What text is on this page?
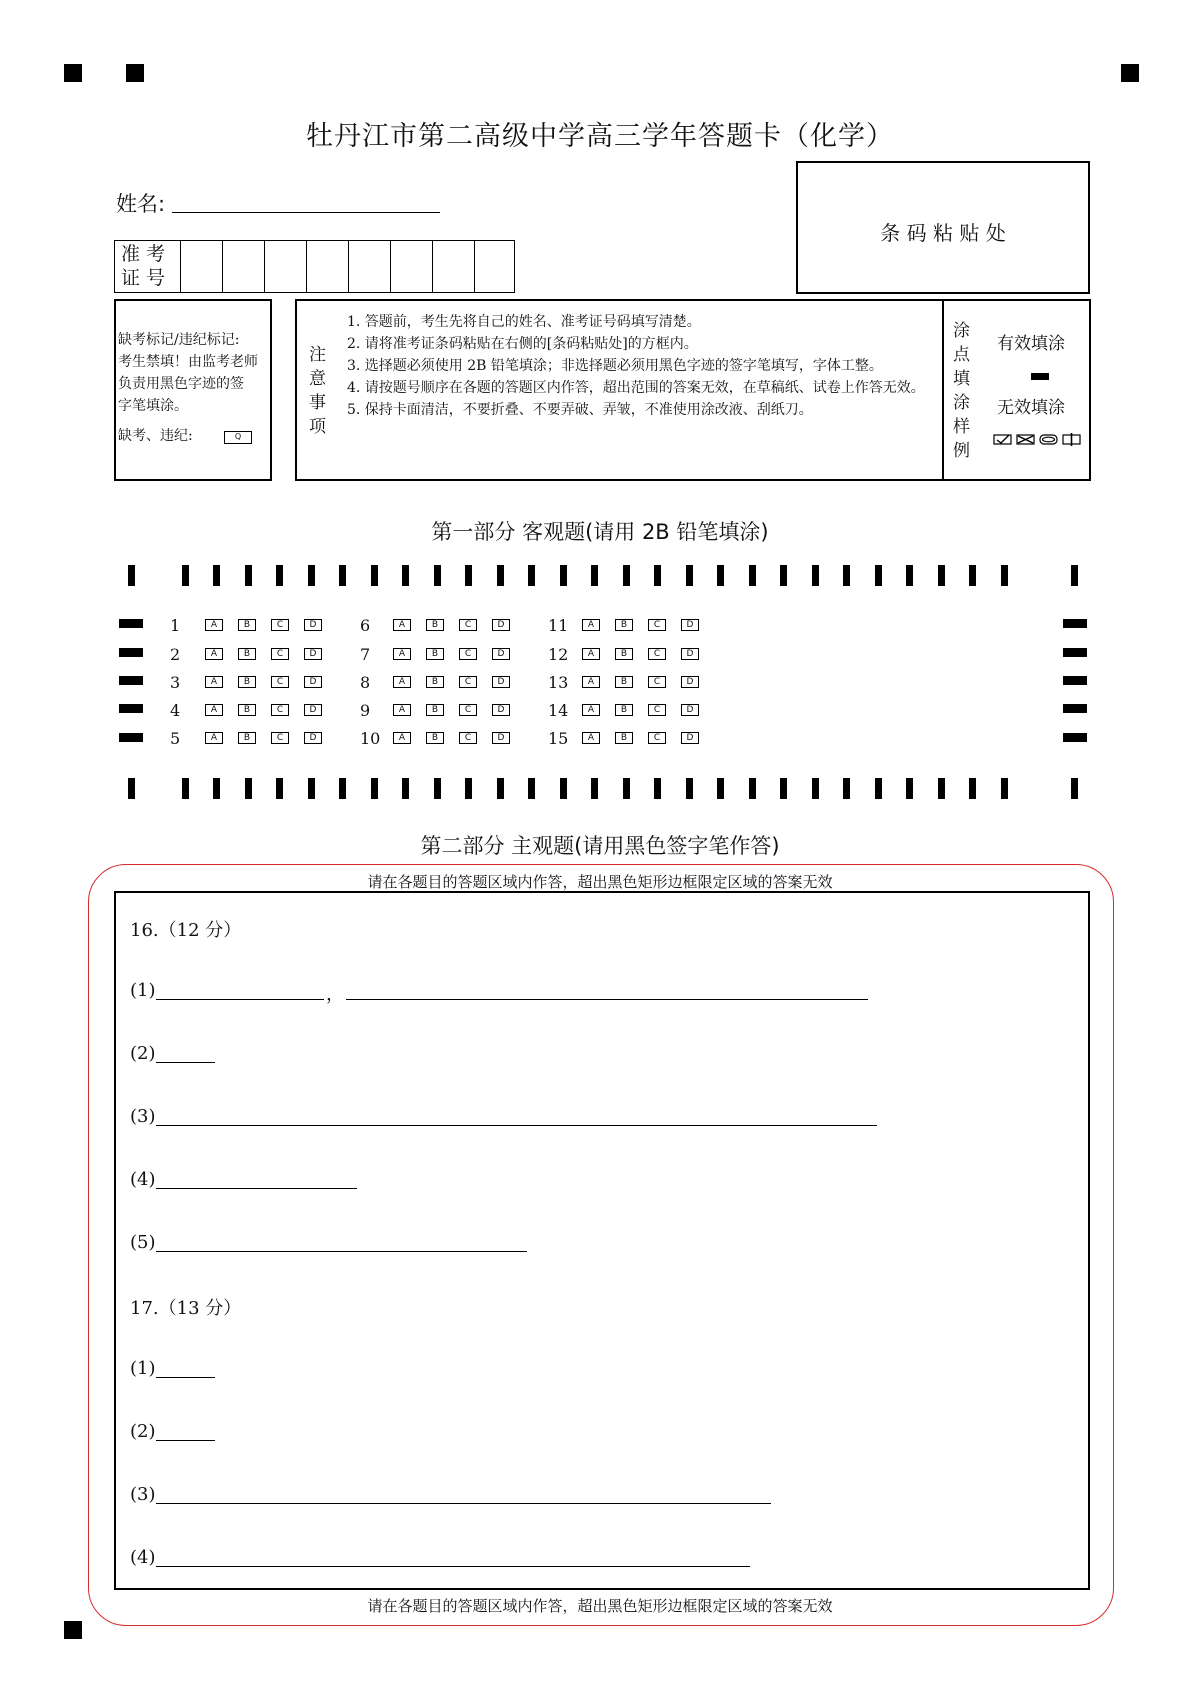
牡丹江市第二高级中学高三学年答题卡（化学）
姓名:
准 考
证 号
条 码 粘 贴 处
缺考标记/违纪标记:
考生禁填！由监考老师
负责用黑色字迹的签
字笔填涂。
缺考、违纪:	Q
注意事项
1. 答题前，考生先将自己的姓名、准考证号码填写清楚。
2. 请将准考证条码粘贴在右侧的[条码粘贴处]的方框内。
3. 选择题必须使用 2B 铅笔填涂；非选择题必须用黑色字迹的签字笔填写，字体工整。
4. 请按题号顺序在各题的答题区内作答，超出范围的答案无效，在草稿纸、试卷上作答无效。
5. 保持卡面清洁，不要折叠、不要弄破、弄皱，不准使用涂改液、刮纸刀。
涂点填涂样例
有效填涂
无效填涂
第一部分 客观题(请用 2B 铅笔填涂)
1	A	B	C	D
2	A	B	C	D
3	A	B	C	D
4	A	B	C	D
5	A	B	C	D
6	A	B	C	D
7	A	B	C	D
8	A	B	C	D
9	A	B	C	D
10	A	B	C	D
11	A	B	C	D
12	A	B	C	D
13	A	B	C	D
14	A	B	C	D
15	A	B	C	D
第二部分 主观题(请用黑色签字笔作答)
请在各题目的答题区域内作答，超出黑色矩形边框限定区域的答案无效
请在各题目的答题区域内作答，超出黑色矩形边框限定区域的答案无效
16.（12 分）
(1)	，
(2)
(3)
(4)
(5)
17.（13 分）
(1)
(2)
(3)
(4)
